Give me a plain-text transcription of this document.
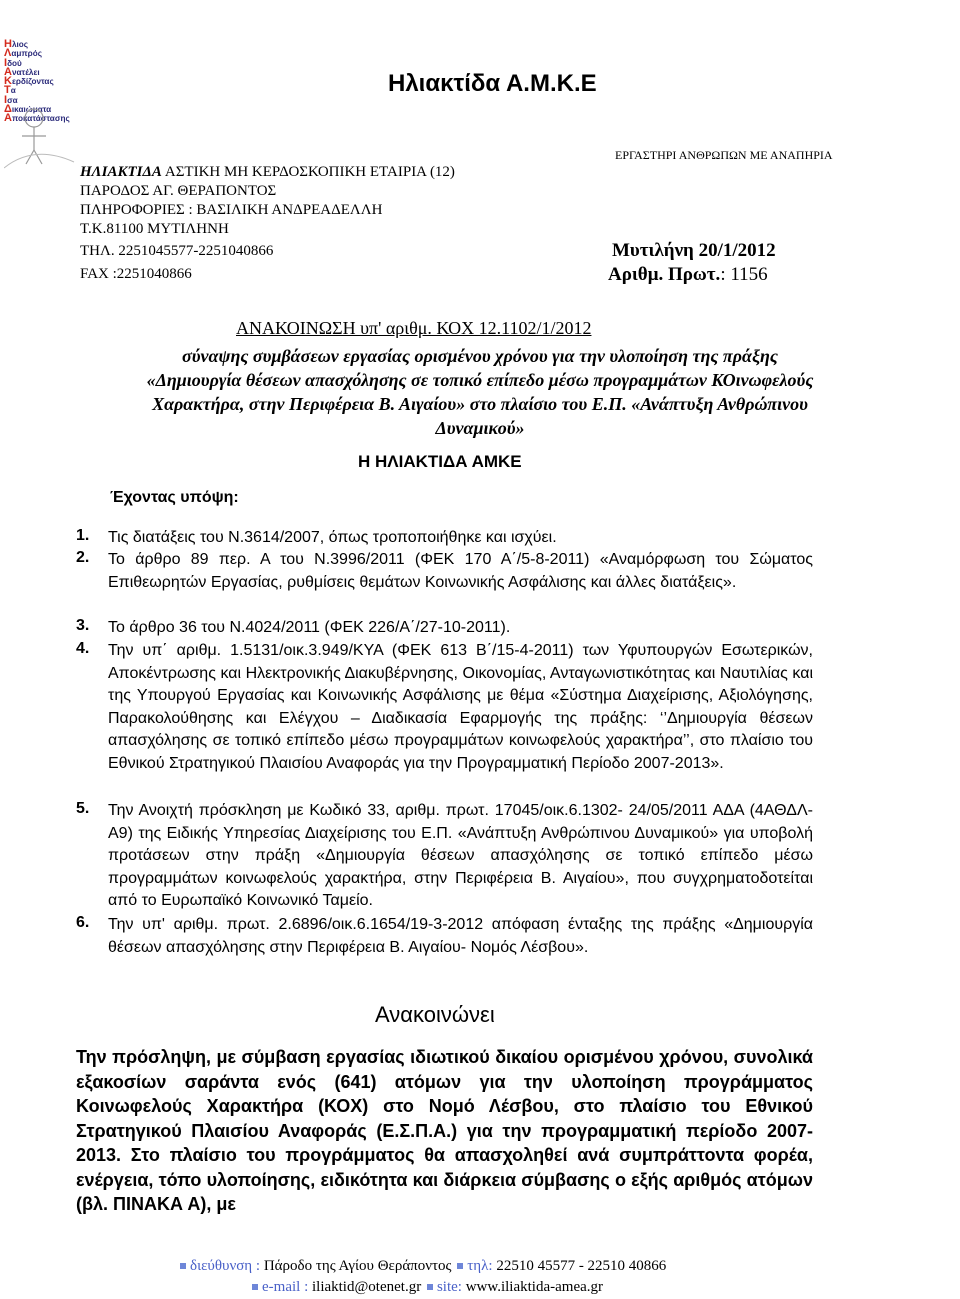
Ηλιος
Λαμπρός
Ιδού
Ανατέλει
Κερδίζοντας
Τα
Ισα
Δικαιώματα
Αποκατάστασης
Ηλιακτίδα Α.Μ.Κ.Ε
ΕΡΓΑΣΤΗΡΙ ΑΝΘΡΩΠΩΝ ΜΕ ΑΝΑΠΗΡΙΑ
ΗΛΙΑΚΤΙΔΑ ΑΣΤΙΚΗ ΜΗ ΚΕΡΔΟΣΚΟΠΙΚΗ ΕΤΑΙΡΙΑ (12)
ΠΑΡΟΔΟΣ ΑΓ. ΘΕΡΑΠΟΝΤΟΣ
ΠΛΗΡΟΦΟΡΙΕΣ : ΒΑΣΙΛΙΚΗ ΑΝΔΡΕΑΔΕΛΛΗ
Τ.Κ.81100 ΜΥΤΙΛΗΝΗ
ΤΗΛ. 2251045577-2251040866
FAX :2251040866
Μυτιλήνη 20/1/2012
Αριθμ. Πρωτ.: 1156
ΑΝΑΚΟΙΝΩΣΗ υπ' αριθμ. ΚΟΧ 12.1102/1/2012
σύναψης συμβάσεων εργασίας ορισμένου χρόνου για την υλοποίηση της πράξης
«Δημιουργία θέσεων απασχόλησης σε τοπικό επίπεδο μέσω προγραμμάτων ΚΟινωφελούς
Χαρακτήρα, στην Περιφέρεια Β. Αιγαίου» στο πλαίσιο του Ε.Π. «Ανάπτυξη Ανθρώπινου
Δυναμικού»
Η ΗΛΙΑΚΤΙΔΑ ΑΜΚΕ
Έχοντας υπόψη:
1. Τις διατάξεις του Ν.3614/2007, όπως τροποποιήθηκε και ισχύει.
2. Το άρθρο 89 περ. Α του Ν.3996/2011 (ΦΕΚ 170 Α΄/5-8-2011) «Αναμόρφωση του Σώματος Επιθεωρητών Εργασίας, ρυθμίσεις θεμάτων Κοινωνικής Ασφάλισης και άλλες διατάξεις».
3. Το άρθρο 36 του Ν.4024/2011 (ΦΕΚ 226/Α΄/27-10-2011).
4. Την υπ΄ αριθμ. 1.5131/οικ.3.949/ΚΥΑ (ΦΕΚ 613 Β΄/15-4-2011) των Υφυπουργών Εσωτερικών, Αποκέντρωσης και Ηλεκτρονικής Διακυβέρνησης, Οικονομίας, Ανταγωνιστικότητας και Ναυτιλίας και της Υπουργού Εργασίας και Κοινωνικής Ασφάλισης με θέμα «Σύστημα Διαχείρισης, Αξιολόγησης, Παρακολούθησης και Ελέγχου – Διαδικασία Εφαρμογής της πράξης: ‘’Δημιουργία θέσεων απασχόλησης σε τοπικό επίπεδο μέσω προγραμμάτων κοινωφελούς χαρακτήρα’’, στο πλαίσιο του Εθνικού Στρατηγικού Πλαισίου Αναφοράς για την Προγραμματική Περίοδο 2007-2013».
5. Την Ανοιχτή πρόσκληση με Κωδικό 33, αριθμ. πρωτ. 17045/οικ.6.1302- 24/05/2011 ΑΔΑ (4ΑΘΔΛ-Α9) της Ειδικής Υπηρεσίας Διαχείρισης του Ε.Π. «Ανάπτυξη Ανθρώπινου Δυναμικού» για υποβολή προτάσεων στην πράξη «Δημιουργία θέσεων απασχόλησης σε τοπικό επίπεδο μέσω προγραμμάτων κοινωφελούς χαρακτήρα, στην Περιφέρεια Β. Αιγαίου», που συγχρηματοδοτείται από το Ευρωπαϊκό Κοινωνικό Ταμείο.
6. Την υπ' αριθμ. πρωτ. 2.6896/οικ.6.1654/19-3-2012 απόφαση ένταξης της πράξης «Δημιουργία θέσεων απασχόλησης στην Περιφέρεια Β. Αιγαίου- Νομός Λέσβου».
Ανακοινώνει
Την πρόσληψη, με σύμβαση εργασίας ιδιωτικού δικαίου ορισμένου χρόνου, συνολικά εξακοσίων σαράντα ενός (641) ατόμων για την υλοποίηση προγράμματος Κοινωφελούς Χαρακτήρα (ΚΟΧ) στο Νομό Λέσβου, στο πλαίσιο του Εθνικού Στρατηγικού Πλαισίου Αναφοράς (Ε.Σ.Π.Α.) για την προγραμματική περίοδο 2007-2013. Στο πλαίσιο του προγράμματος θα απασχοληθεί ανά συμπράττοντα φορέα, ενέργεια, τόπο υλοποίησης, ειδικότητα και διάρκεια σύμβασης ο εξής αριθμός ατόμων (βλ. ΠΙΝΑΚΑ Α), με
διεύθυνση : Πάροδο της Αγίου Θεράποντος τηλ: 22510 45577 - 22510 40866
e-mail : iliaktid@otenet.gr site: www.iliaktida-amea.gr
